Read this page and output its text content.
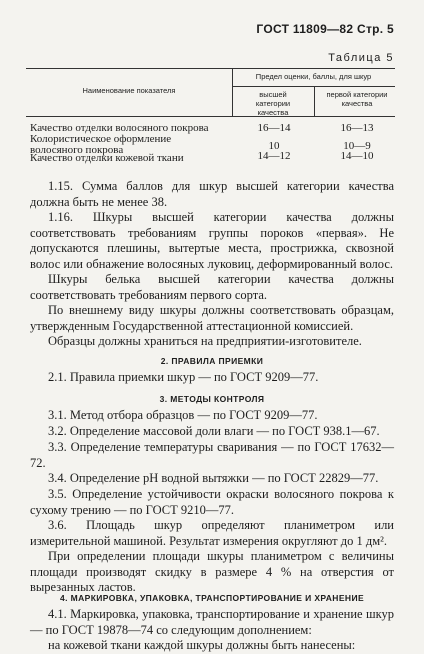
ГОСТ 11809—82 Стр. 5
Таблица 5
Наименование показателя
Предел оценки, баллы, для шкур
высшей категории качества
первой категории качества
Качество отделки волосяного покрова	16—14	16—13
Колористическое оформление волосяного покрова	10	10—9
Качество отделки кожевой ткани	14—12	14—10
1.15. Сумма баллов для шкур высшей категории качества должна быть не менее 38.
1.16. Шкуры высшей категории качества должны соответствовать требованиям группы пороков «первая». Не допускаются плешины, вытертые места, прострижка, сквозной волос или обнажение волосяных луковиц, деформированный волос.
Шкуры белька высшей категории качества должны соответствовать требованиям первого сорта.
По внешнему виду шкуры должны соответствовать образцам, утвержденным Государственной аттестационной комиссией.
Образцы должны храниться на предприятии-изготовителе.
2. ПРАВИЛА ПРИЕМКИ
2.1. Правила приемки шкур — по ГОСТ 9209—77.
3. МЕТОДЫ КОНТРОЛЯ
3.1. Метод отбора образцов — по ГОСТ 9209—77.
3.2. Определение массовой доли влаги — по ГОСТ 938.1—67.
3.3. Определение температуры сваривания — по ГОСТ 17632—72.
3.4. Определение pH водной вытяжки — по ГОСТ 22829—77.
3.5. Определение устойчивости окраски волосяного покрова к сухому трению — по ГОСТ 9210—77.
3.6. Площадь шкур определяют планиметром или измерительной машиной. Результат измерения округляют до 1 дм².
При определении площади шкуры планиметром с величины площади производят скидку в размере 4 % на отверстия от вырезанных ластов.
4. МАРКИРОВКА, УПАКОВКА, ТРАНСПОРТИРОВАНИЕ И ХРАНЕНИЕ
4.1. Маркировка, упаковка, транспортирование и хранение шкур — по ГОСТ 19878—74 со следующим дополнением:
на кожевой ткани каждой шкуры должны быть нанесены:
